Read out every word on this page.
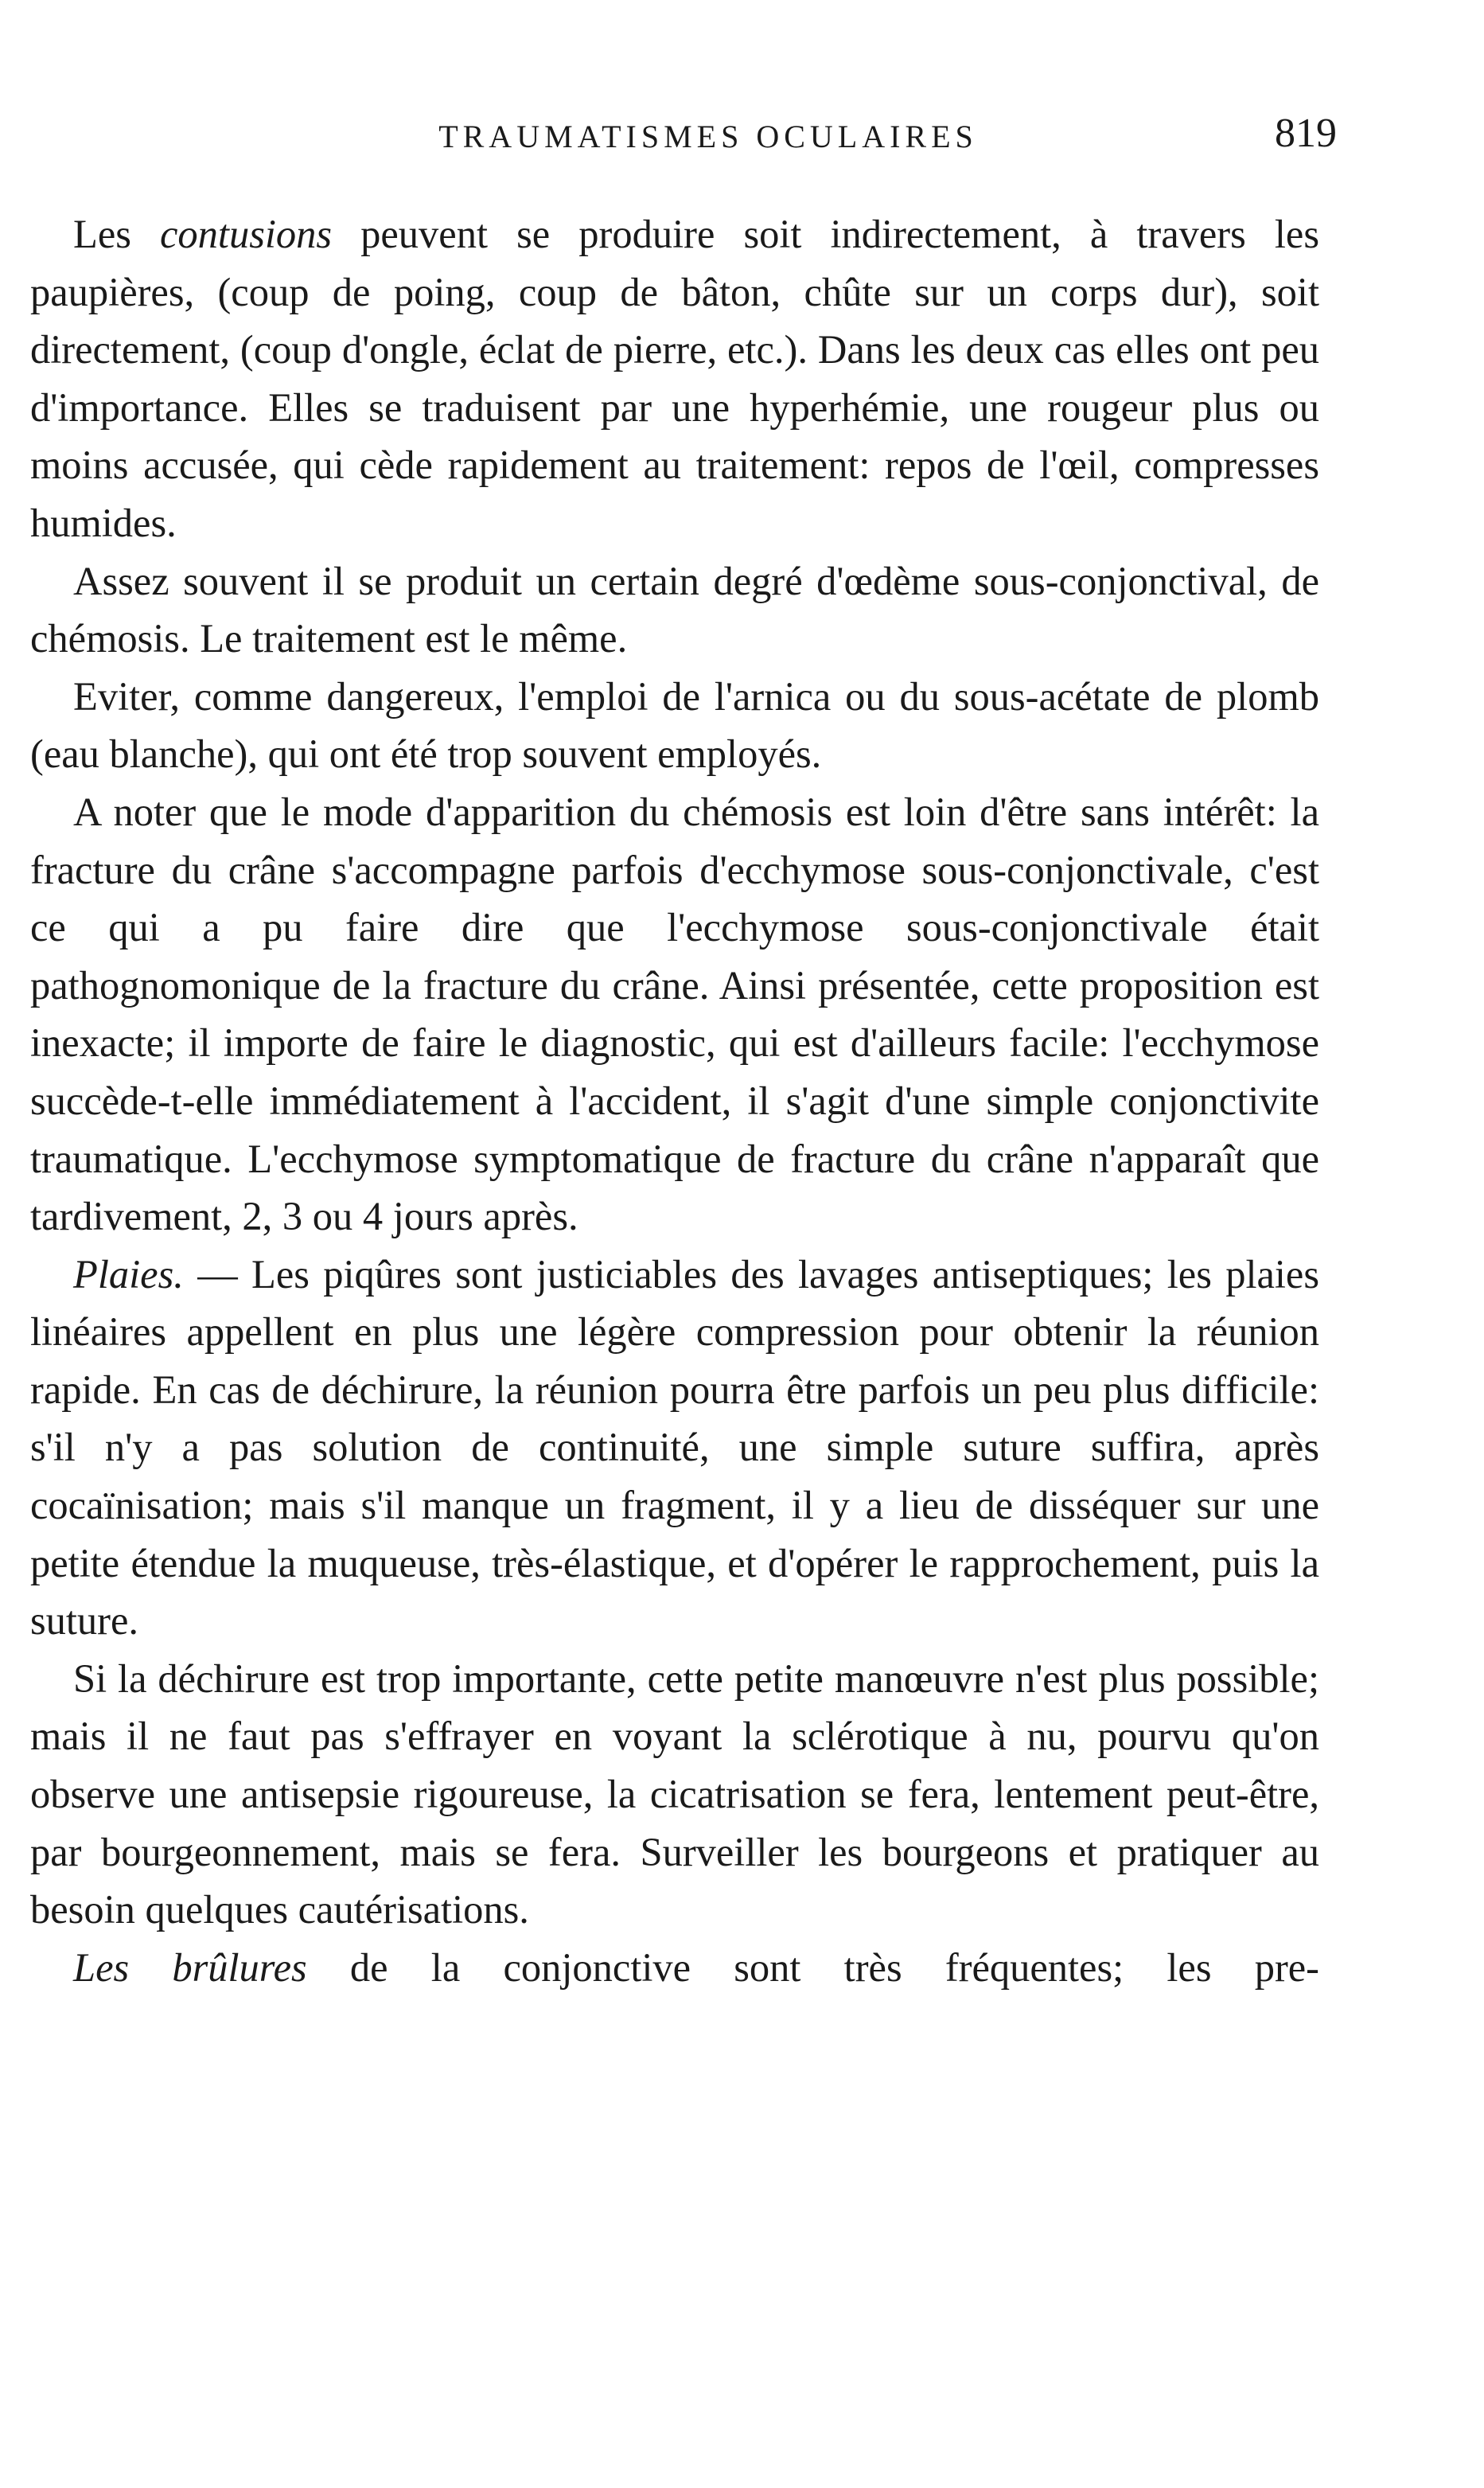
TRAUMATISMES OCULAIRES	819

Les contusions peuvent se produire soit indirectement, à travers les paupières, (coup de poing, coup de bâton, chûte sur un corps dur), soit directement, (coup d'ongle, éclat de pierre, etc.). Dans les deux cas elles ont peu d'importance. Elles se traduisent par une hyperhémie, une rougeur plus ou moins accusée, qui cède rapidement au traitement: repos de l'œil, compresses humides.

Assez souvent il se produit un certain degré d'œdème sous-conjonctival, de chémosis. Le traitement est le même.

Eviter, comme dangereux, l'emploi de l'arnica ou du sous-acétate de plomb (eau blanche), qui ont été trop souvent employés.

A noter que le mode d'apparition du chémosis est loin d'être sans intérêt: la fracture du crâne s'accompagne parfois d'ecchymose sous-conjonctivale, c'est ce qui a pu faire dire que l'ecchymose sous-conjonctivale était pathognomonique de la fracture du crâne. Ainsi présentée, cette proposition est inexacte; il importe de faire le diagnostic, qui est d'ailleurs facile: l'ecchymose succède-t-elle immédiatement à l'accident, il s'agit d'une simple conjonctivite traumatique. L'ecchymose symptomatique de fracture du crâne n'apparaît que tardivement, 2, 3 ou 4 jours après.

Plaies. — Les piqûres sont justiciables des lavages antiseptiques; les plaies linéaires appellent en plus une légère compression pour obtenir la réunion rapide. En cas de déchirure, la réunion pourra être parfois un peu plus difficile: s'il n'y a pas solution de continuité, une simple suture suffira, après cocaïnisation; mais s'il manque un fragment, il y a lieu de disséquer sur une petite étendue la muqueuse, très-élastique, et d'opérer le rapprochement, puis la suture.

Si la déchirure est trop importante, cette petite manœuvre n'est plus possible; mais il ne faut pas s'effrayer en voyant la sclérotique à nu, pourvu qu'on observe une antisepsie rigoureuse, la cicatrisation se fera, lentement peut-être, par bourgeonnement, mais se fera. Surveiller les bourgeons et pratiquer au besoin quelques cautérisations.

Les brûlures de la conjonctive sont très fréquentes; les pre-
